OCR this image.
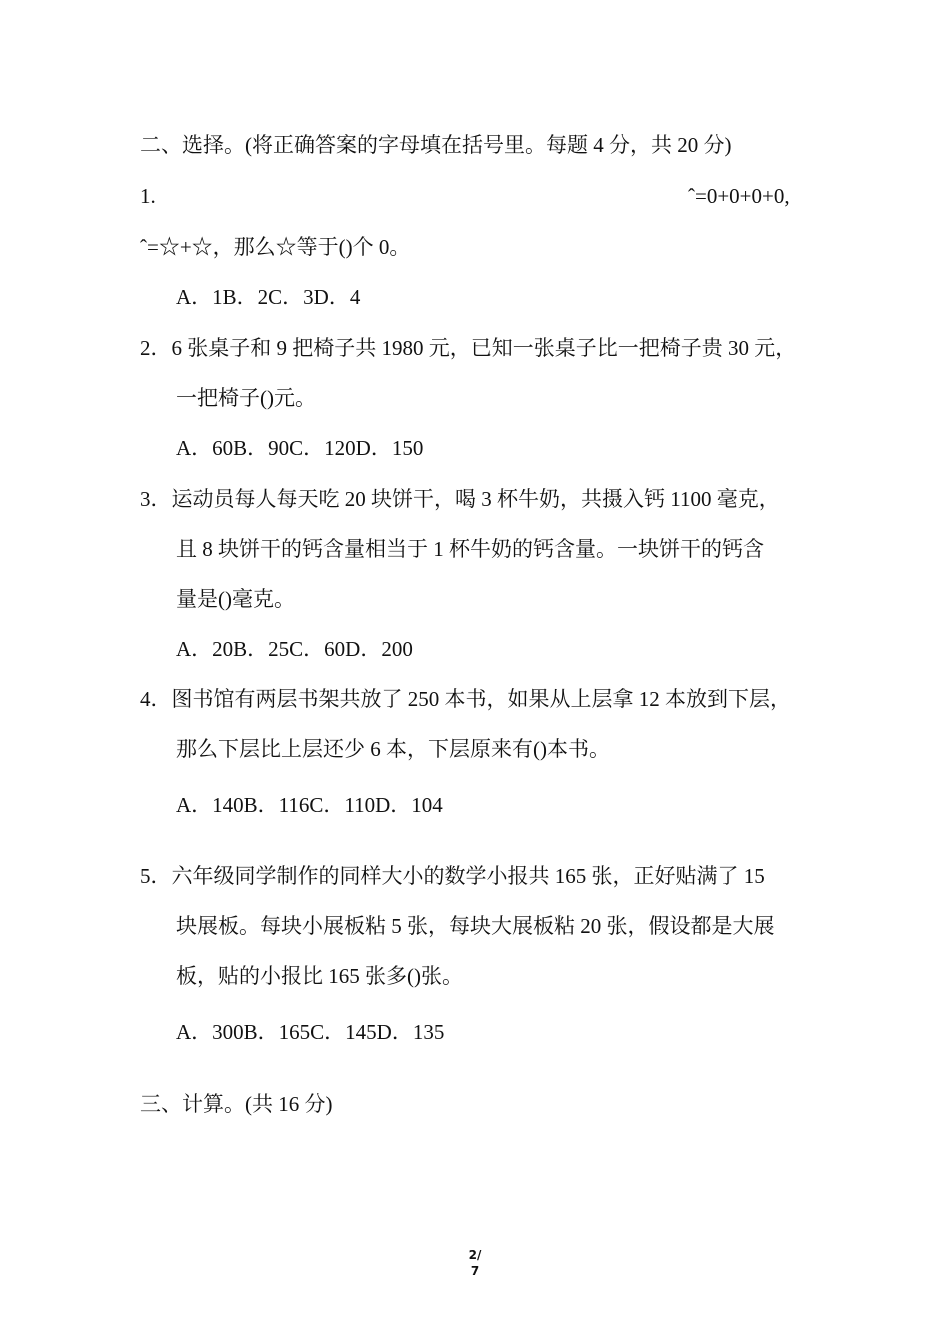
二、选择。(将正确答案的字母填在括号里。每题 4 分，共 20 分)
1.	ˆ=0+0+0+0,
ˆ=☆+☆，那么☆等于()个 0。
A．1B．2C．3D．4
2．6 张桌子和 9 把椅子共 1980 元，已知一张桌子比一把椅子贵 30 元，
一把椅子()元。
A．60B．90C．120D．150
3．运动员每人每天吃 20 块饼干，喝 3 杯牛奶，共摄入钙 1100 毫克，
且 8 块饼干的钙含量相当于 1 杯牛奶的钙含量。一块饼干的钙含
量是()毫克。
A．20B．25C．60D．200
4．图书馆有两层书架共放了 250 本书，如果从上层拿 12 本放到下层，
那么下层比上层还少 6 本，下层原来有()本书。
A．140B．116C．110D．104
5．六年级同学制作的同样大小的数学小报共 165 张，正好贴满了 15
块展板。每块小展板粘 5 张，每块大展板粘 20 张，假设都是大展
板，贴的小报比 165 张多()张。
A．300B．165C．145D．135
三、计算。(共 16 分)
2/
7
